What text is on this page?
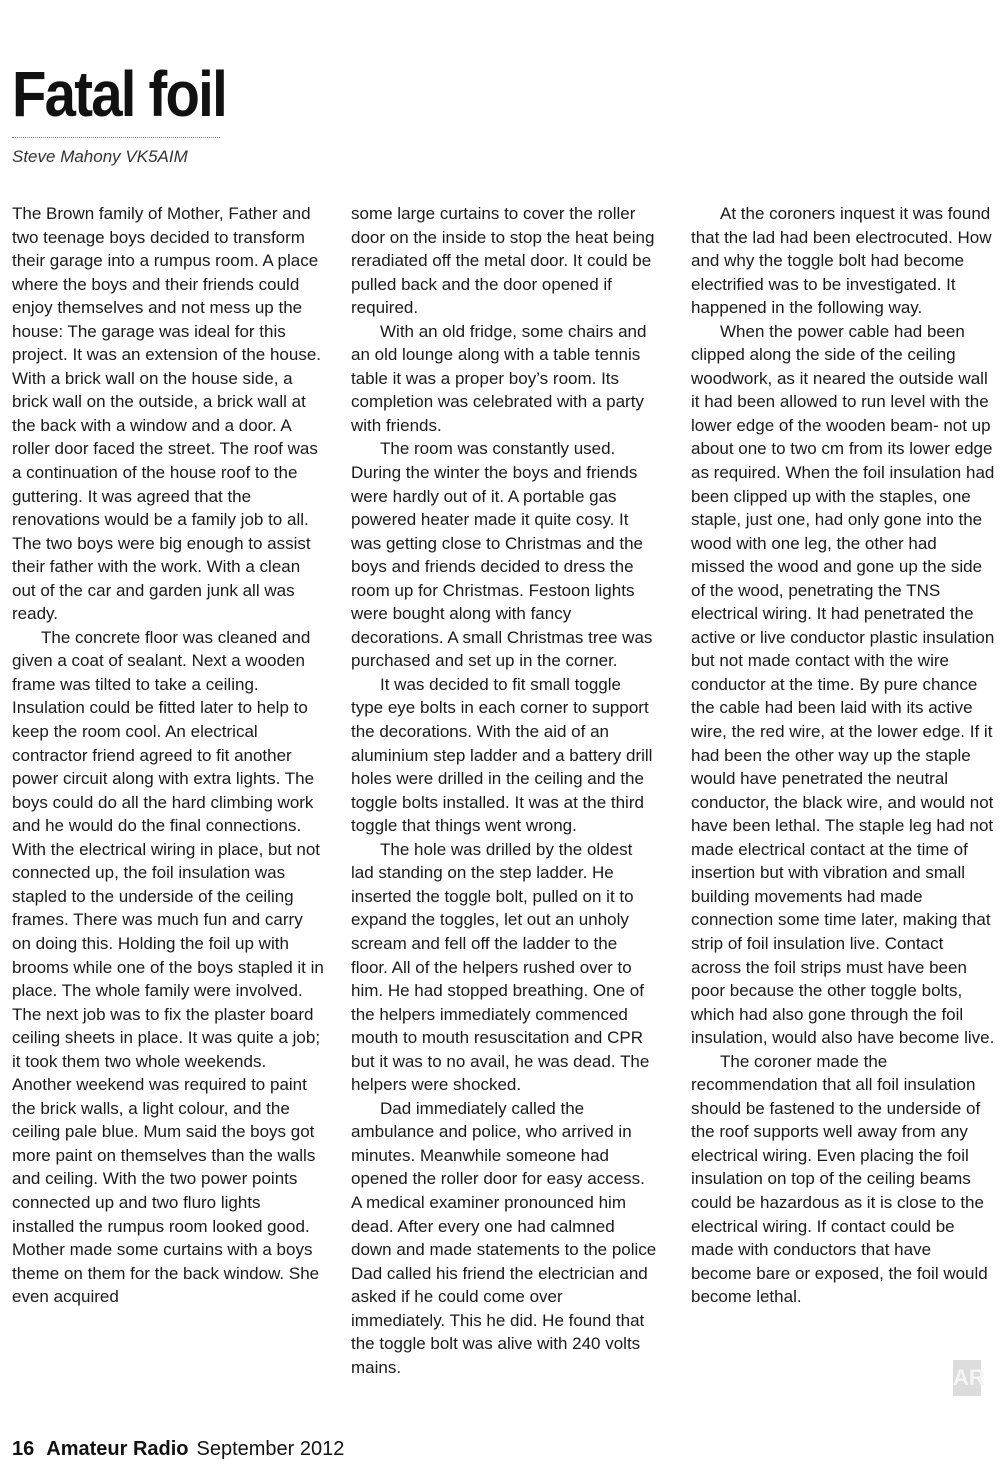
Fatal foil
Steve Mahony VK5AIM

The Brown family of Mother, Father and two teenage boys decided to transform their garage into a rumpus room. A place where the boys and their friends could enjoy themselves and not mess up the house: The garage was ideal for this project. It was an extension of the house. With a brick wall on the house side, a brick wall on the outside, a brick wall at the back with a window and a door. A roller door faced the street. The roof was a continuation of the house roof to the guttering. It was agreed that the renovations would be a family job to all. The two boys were big enough to assist their father with the work. With a clean out of the car and garden junk all was ready.

The concrete floor was cleaned and given a coat of sealant. Next a wooden frame was tilted to take a ceiling. Insulation could be fitted later to help to keep the room cool. An electrical contractor friend agreed to fit another power circuit along with extra lights. The boys could do all the hard climbing work and he would do the final connections. With the electrical wiring in place, but not connected up, the foil insulation was stapled to the underside of the ceiling frames. There was much fun and carry on doing this. Holding the foil up with brooms while one of the boys stapled it in place. The whole family were involved. The next job was to fix the plaster board ceiling sheets in place. It was quite a job; it took them two whole weekends. Another weekend was required to paint the brick walls, a light colour, and the ceiling pale blue. Mum said the boys got more paint on themselves than the walls and ceiling. With the two power points connected up and two fluro lights installed the rumpus room looked good. Mother made some curtains with a boys theme on them for the back window. She even acquired

some large curtains to cover the roller door on the inside to stop the heat being reradiated off the metal door. It could be pulled back and the door opened if required.

With an old fridge, some chairs and an old lounge along with a table tennis table it was a proper boy’s room. Its completion was celebrated with a party with friends.

The room was constantly used. During the winter the boys and friends were hardly out of it. A portable gas powered heater made it quite cosy. It was getting close to Christmas and the boys and friends decided to dress the room up for Christmas. Festoon lights were bought along with fancy decorations. A small Christmas tree was purchased and set up in the corner.

It was decided to fit small toggle type eye bolts in each corner to support the decorations. With the aid of an aluminium step ladder and a battery drill holes were drilled in the ceiling and the toggle bolts installed. It was at the third toggle that things went wrong.

The hole was drilled by the oldest lad standing on the step ladder. He inserted the toggle bolt, pulled on it to expand the toggles, let out an unholy scream and fell off the ladder to the floor. All of the helpers rushed over to him. He had stopped breathing. One of the helpers immediately commenced mouth to mouth resuscitation and CPR but it was to no avail, he was dead. The helpers were shocked.

Dad immediately called the ambulance and police, who arrived in minutes. Meanwhile someone had opened the roller door for easy access. A medical examiner pronounced him dead. After every one had calmned down and made statements to the police Dad called his friend the electrician and asked if he could come over immediately. This he did. He found that the toggle bolt was alive with 240 volts mains.

At the coroners inquest it was found that the lad had been electrocuted. How and why the toggle bolt had become electrified was to be investigated. It happened in the following way.

When the power cable had been clipped along the side of the ceiling woodwork, as it neared the outside wall it had been allowed to run level with the lower edge of the wooden beam- not up about one to two cm from its lower edge as required. When the foil insulation had been clipped up with the staples, one staple, just one, had only gone into the wood with one leg, the other had missed the wood and gone up the side of the wood, penetrating the TNS electrical wiring. It had penetrated the active or live conductor plastic insulation but not made contact with the wire conductor at the time. By pure chance the cable had been laid with its active wire, the red wire, at the lower edge. If it had been the other way up the staple would have penetrated the neutral conductor, the black wire, and would not have been lethal. The staple leg had not made electrical contact at the time of insertion but with vibration and small building movements had made connection some time later, making that strip of foil insulation live. Contact across the foil strips must have been poor because the other toggle bolts, which had also gone through the foil insulation, would also have become live.

The coroner made the recommendation that all foil insulation should be fastened to the underside of the roof supports well away from any electrical wiring. Even placing the foil insulation on top of the ceiling beams could be hazardous as it is close to the electrical wiring. If contact could be made with conductors that have become bare or exposed, the foil would become lethal.

AR
16 Amateur Radio September 2012
